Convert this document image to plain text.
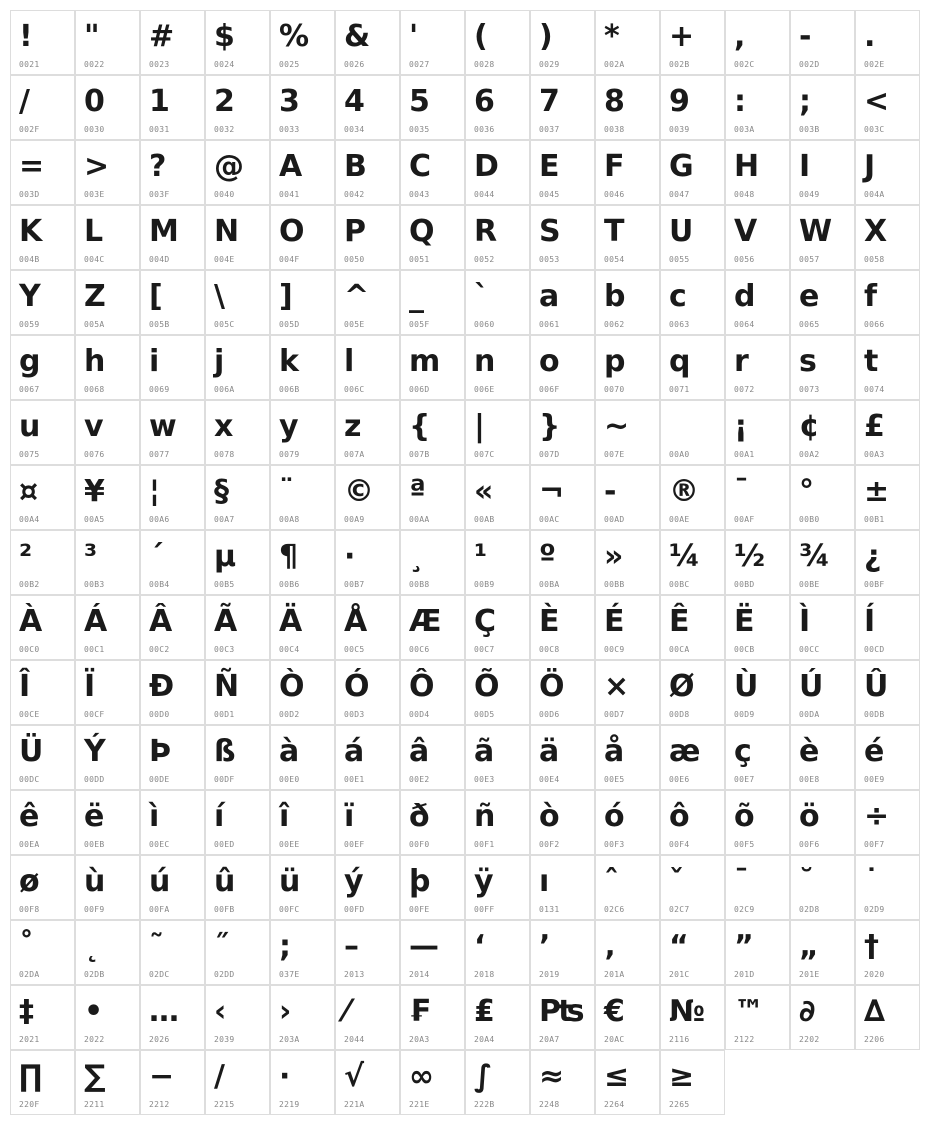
!
0021
"
0022
#
0023
$
0024
%
0025
&
0026
'
0027
(
0028
)
0029
*
002A
+
002B
,
002C
-
002D
.
002E
/
002F
0
0030
1
0031
2
0032
3
0033
4
0034
5
0035
6
0036
7
0037
8
0038
9
0039
:
003A
;
003B
<
003C
=
003D
>
003E
?
003F
@
0040
A
0041
B
0042
C
0043
D
0044
E
0045
F
0046
G
0047
H
0048
I
0049
J
004A
K
004B
L
004C
M
004D
N
004E
O
004F
P
0050
Q
0051
R
0052
S
0053
T
0054
U
0055
V
0056
W
0057
X
0058
Y
0059
Z
005A
[
005B
\
005C
]
005D
^
005E
_
005F
`
0060
a
0061
b
0062
c
0063
d
0064
e
0065
f
0066
g
0067
h
0068
i
0069
j
006A
k
006B
l
006C
m
006D
n
006E
o
006F
p
0070
q
0071
r
0072
s
0073
t
0074
u
0075
v
0076
w
0077
x
0078
y
0079
z
007A
{
007B
|
007C
}
007D
~
007E	00A0
¡
00A1
¢
00A2
£
00A3
¤
00A4
¥
00A5
¦
00A6
§
00A7
¨
00A8
©
00A9
ª
00AA
«
00AB
¬
00AC
-
00AD
®
00AE
¯
00AF
°
00B0
±
00B1
²
00B2
³
00B3
´
00B4
µ
00B5
¶
00B6
·
00B7
¸
00B8
¹
00B9
º
00BA
»
00BB
¼
00BC
½
00BD
¾
00BE
¿
00BF
À
00C0
Á
00C1
Â
00C2
Ã
00C3
Ä
00C4
Å
00C5
Æ
00C6
Ç
00C7
È
00C8
É
00C9
Ê
00CA
Ë
00CB
Ì
00CC
Í
00CD
Î
00CE
Ï
00CF
Ð
00D0
Ñ
00D1
Ò
00D2
Ó
00D3
Ô
00D4
Õ
00D5
Ö
00D6
×
00D7
Ø
00D8
Ù
00D9
Ú
00DA
Û
00DB
Ü
00DC
Ý
00DD
Þ
00DE
ß
00DF
à
00E0
á
00E1
â
00E2
ã
00E3
ä
00E4
å
00E5
æ
00E6
ç
00E7
è
00E8
é
00E9
ê
00EA
ë
00EB
ì
00EC
í
00ED
î
00EE
ï
00EF
ð
00F0
ñ
00F1
ò
00F2
ó
00F3
ô
00F4
õ
00F5
ö
00F6
÷
00F7
ø
00F8
ù
00F9
ú
00FA
û
00FB
ü
00FC
ý
00FD
þ
00FE
ÿ
00FF
ı
0131
ˆ
02C6
ˇ
02C7
ˉ
02C9
˘
02D8
˙
02D9
˚
02DA
˛
02DB
˜
02DC
˝
02DD
;
037E
–
2013
—
2014
‘
2018
’
2019
‚
201A
“
201C
”
201D
„
201E
†
2020
‡
2021
•
2022
…
2026
‹
2039
›
203A
⁄
2044
₣
20A3
₤
20A4
₧
20A7
€
20AC
№
2116
™
2122
∂
2202
∆
2206
∏
220F
∑
2211
−
2212
∕
2215
∙
2219
√
221A
∞
221E
∫
222B
≈
2248
≤
2264
≥
2265
